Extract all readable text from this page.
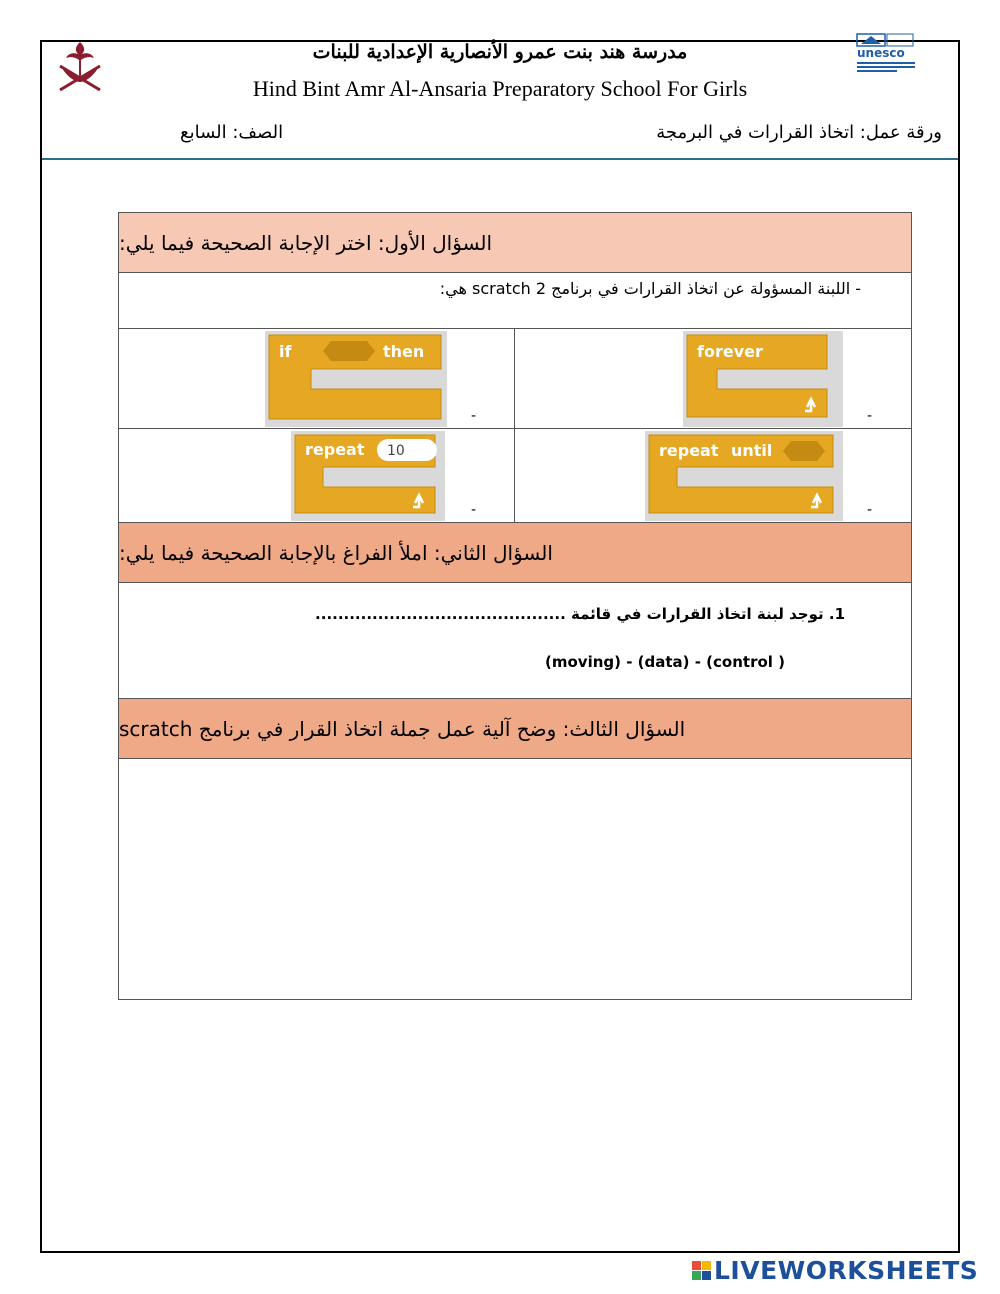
مدرسة هند بنت عمرو الأنصارية الإعدادية للبنات
Hind Bint Amr Al-Ansaria Preparatory School For Girls
unesco
ورقة عمل: اتخاذ القرارات في البرمجة
الصف: السابع
السؤال الأول: اختر الإجابة الصحيحة فيما يلي:
- اللبنة المسؤولة عن اتخاذ القرارات في برنامج scratch 2 هي:
if	then
-
forever
-
repeat 10
-
repeat until
-
السؤال الثاني: املأ الفراغ بالإجابة الصحيحة فيما يلي:
1. توجد لبنة اتخاذ القرارات في قائمة ............................................
(moving) - (data) - (control )
السؤال الثالث: وضح آلية عمل جملة اتخاذ القرار في برنامج scratch
LIVEWORKSHEETS
